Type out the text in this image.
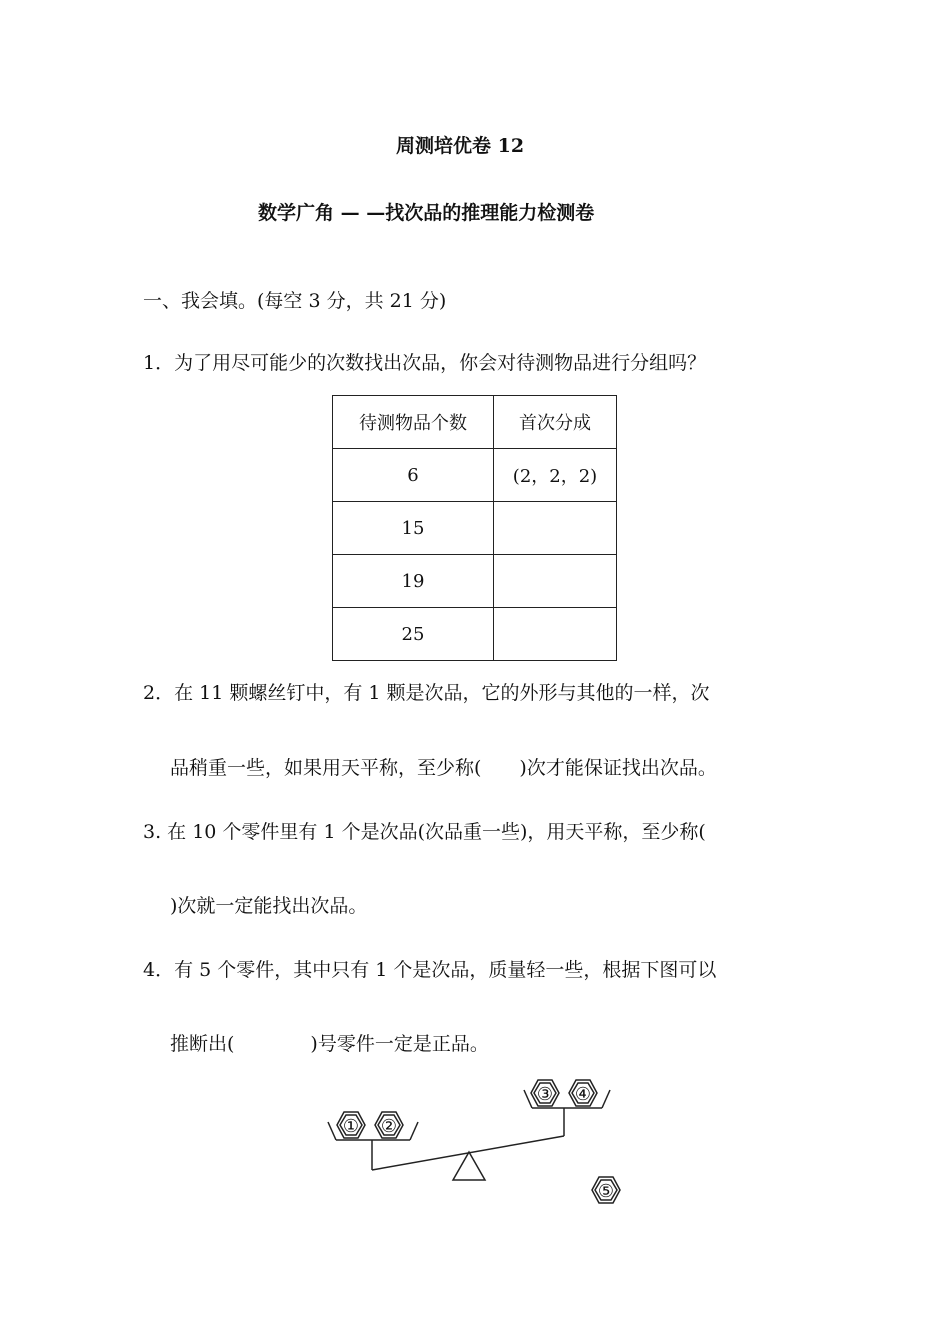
周测培优卷 12
数学广角 — —找次品的推理能力检测卷
一、我会填。(每空 3 分，共 21 分)
1．为了用尽可能少的次数找出次品，你会对待测物品进行分组吗？
待测物品个数	首次分成
6	(2，2，2)
15	
19	
25	
2．在 11 颗螺丝钉中，有 1 颗是次品，它的外形与其他的一样，次
品稍重一些，如果用天平称，至少称(　　)次才能保证找出次品。
3. 在 10 个零件里有 1 个是次品(次品重一些)，用天平称，至少称(
)次就一定能找出次品。
4．有 5 个零件，其中只有 1 个是次品，质量轻一些，根据下图可以
推断出(　　　　)号零件一定是正品。
① ②
③ ④
⑤
